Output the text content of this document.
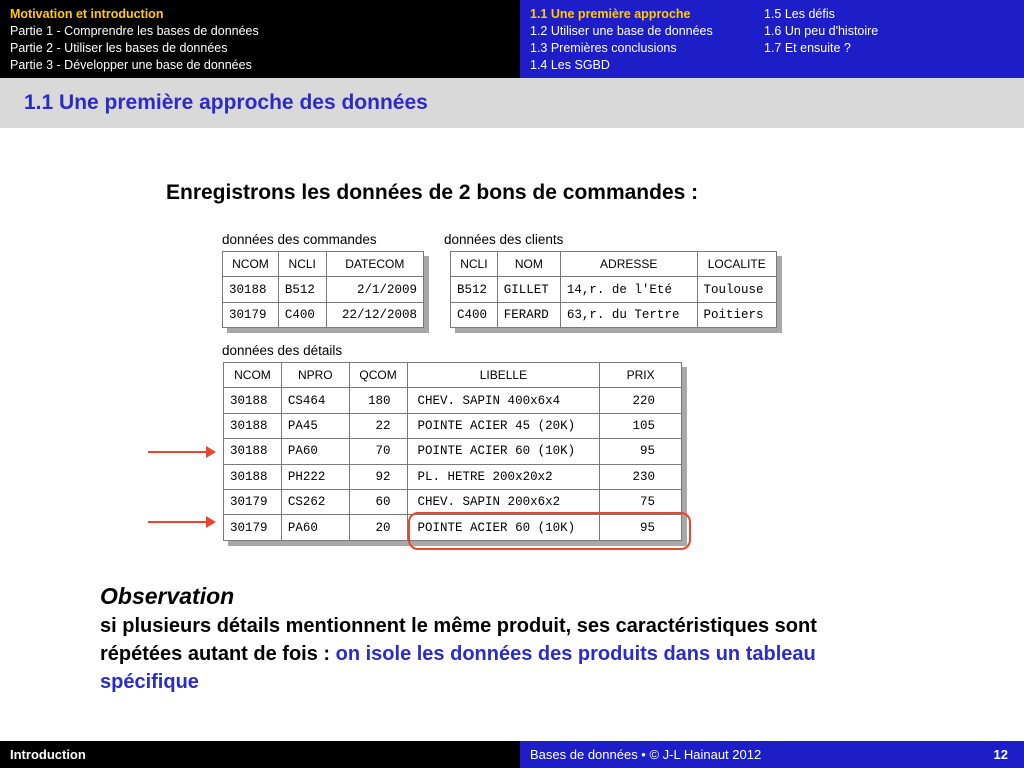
Motivation et introduction
Partie 1 - Comprendre les bases de données
Partie 2 - Utiliser les bases de données
Partie 3 - Développer une base de données
1.1 Une première approche
1.2 Utiliser une base de données
1.3 Premières conclusions
1.4 Les SGBD
1.5 Les défis
1.6 Un peu d'histoire
1.7 Et ensuite ?
1.1 Une première approche des données
Enregistrons les données de 2 bons de commandes :
données des commandes	données des clients
données des détails
NCOM	NCLI	DATECOM
30188	B512	2/1/2009
30179	C400	22/12/2008
NCLI	NOM	ADRESSE	LOCALITE
B512	GILLET	14,r. de l'Eté	Toulouse
C400	FERARD	63,r. du Tertre	Poitiers
NCOM	NPRO	QCOM	LIBELLE	PRIX
30188	CS464	180	CHEV. SAPIN 400x6x4	220
30188	PA45	22	POINTE ACIER 45 (20K)	105
30188	PA60	70	POINTE ACIER 60 (10K)	95
30188	PH222	92	PL. HETRE 200x20x2	230
30179	CS262	60	CHEV. SAPIN 200x6x2	75
30179	PA60	20	POINTE ACIER 60 (10K)	95
Observation
si plusieurs détails mentionnent le même produit, ses caractéristiques sont répétées autant de fois : on isole les données des produits dans un tableau spécifique
Introduction	Bases de données • © J-L Hainaut 2012	12
